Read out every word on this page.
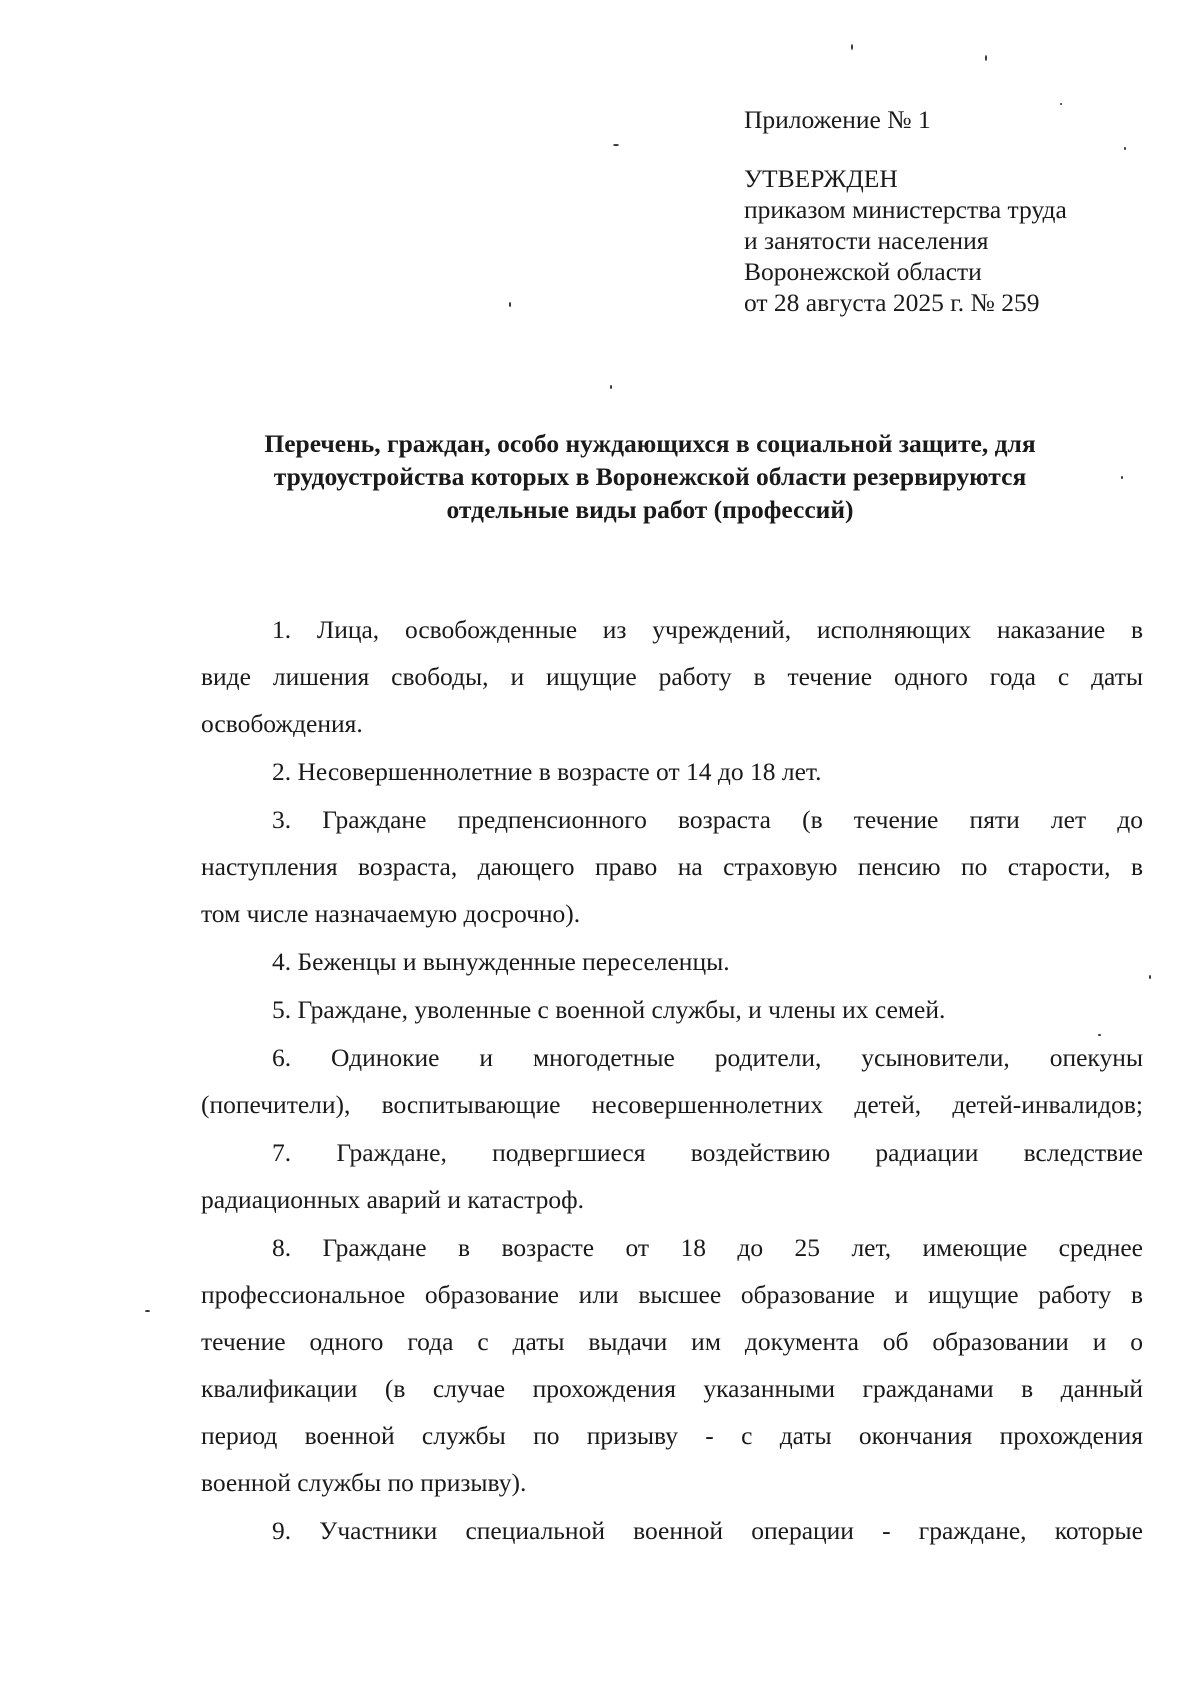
Приложение № 1
УТВЕРЖДЕН
приказом министерства труда
и занятости населения
Воронежской области
от 28 августа 2025 г. № 259
Перечень, граждан, особо нуждающихся в социальной защите, для
трудоустройства которых в Воронежской области резервируются
отдельные виды работ (профессий)
1. Лица, освобожденные из учреждений, исполняющих наказание в
виде лишения свободы, и ищущие работу в течение одного года с даты
освобождения.
2. Несовершеннолетние в возрасте от 14 до 18 лет.
3. Граждане предпенсионного возраста (в течение пяти лет до
наступления возраста, дающего право на страховую пенсию по старости, в
том числе назначаемую досрочно).
4. Беженцы и вынужденные переселенцы.
5. Граждане, уволенные с военной службы, и члены их семей.
6. Одинокие и многодетные родители, усыновители, опекуны
(попечители), воспитывающие несовершеннолетних детей, детей-инвалидов;
7. Граждане, подвергшиеся воздействию радиации вследствие
радиационных аварий и катастроф.
8. Граждане в возрасте от 18 до 25 лет, имеющие среднее
профессиональное образование или высшее образование и ищущие работу в
течение одного года с даты выдачи им документа об образовании и о
квалификации (в случае прохождения указанными гражданами в данный
период военной службы по призыву - с даты окончания прохождения
военной службы по призыву).
9. Участники специальной военной операции - граждане, которые
